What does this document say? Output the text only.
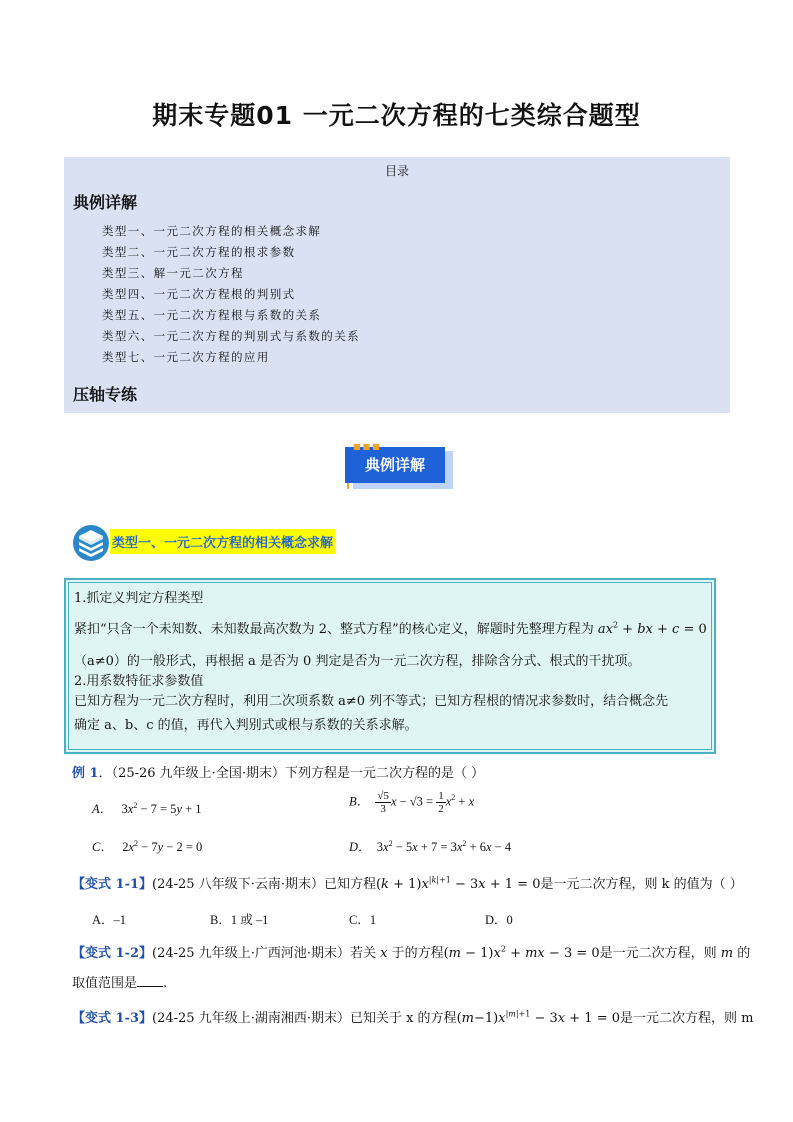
期末专题01 一元二次方程的七类综合题型
目录
典例详解
类型一、一元二次方程的相关概念求解
类型二、一元二次方程的根求参数
类型三、解一元二次方程
类型四、一元二次方程根的判别式
类型五、一元二次方程根与系数的关系
类型六、一元二次方程的判别式与系数的关系
类型七、一元二次方程的应用
压轴专练
典例详解
■■■
类型一、一元二次方程的相关概念求解
1.抓定义判定方程类型
紧扣“只含一个未知数、未知数最高次数为 2、整式方程”的核心定义，解题时先整理方程为 $ax^2$ + bx + c = 0
（a≠0）的一般形式，再根据 a 是否为 0 判定是否为一元二次方程，排除含分式、根式的干扰项。
2.用系数特征求参数值
已知方程为一元二次方程时，利用二次项系数 a≠0 列不等式；已知方程根的情况求参数时，结合概念先
确定 a、b、c 的值，再代入判别式或根与系数的关系求解。
例 1．（25-26 九年级上·全国·期末）下列方程是一元二次方程的是（ ）
A．   $3x^2 - 7 = 5y + 1$
B． $\frac{√5}{3}$ $x - √3 = \frac{1}{2} x^2 + x$
C．   $2x^2 - 7y - 2 = 0$	D．  $3x^2 - 5x + 7 = 3x^2 + 6x - 4$
【变式 1-1】(24-25 八年级下·云南·期末）已知方程$(k + 1)x^{|k|+1} - 3x + 1 = 0$是一元二次方程，则 k 的值为（ ）
A．–1	B．1 或 –1	C．1	D．0
【变式 1-2】(24-25 九年级上·广西河池·期末）若关 x 于的方程$(m - 1)x^2$ + mx − 3 = 0是一元二次方程，则 m 的
取值范围是 .
【变式 1-3】(24-25 九年级上·湖南湘西·期末）已知关于 x 的方程$(m-1)x^{|m|+1} - 3x + 1 = 0$是一元二次方程，则 m
